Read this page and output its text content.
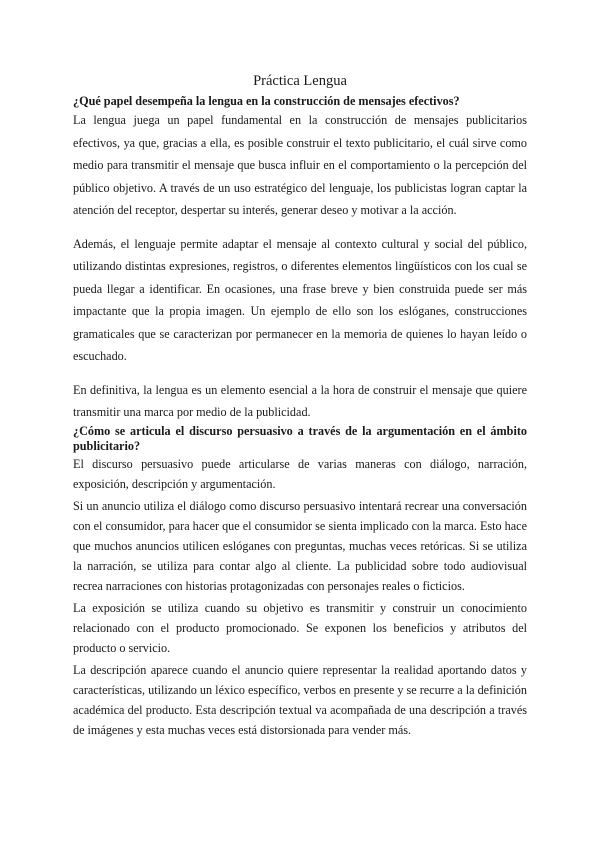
Práctica Lengua
¿Qué papel desempeña la lengua en la construcción de mensajes efectivos?

La lengua juega un papel fundamental en la construcción de mensajes publicitarios efectivos, ya que, gracias a ella, es posible construir el texto publicitario, el cuál sirve como medio para transmitir el mensaje que busca influir en el comportamiento o la percepción del público objetivo. A través de un uso estratégico del lenguaje, los publicistas logran captar la atención del receptor, despertar su interés, generar deseo y motivar a la acción.

Además, el lenguaje permite adaptar el mensaje al contexto cultural y social del público, utilizando distintas expresiones, registros, o diferentes elementos lingüísticos con los cual se pueda llegar a identificar. En ocasiones, una frase breve y bien construida puede ser más impactante que la propia imagen. Un ejemplo de ello son los eslóganes, construcciones gramaticales que se caracterizan por permanecer en la memoria de quienes lo hayan leído o escuchado.

En definitiva, la lengua es un elemento esencial a la hora de construir el mensaje que quiere transmitir una marca por medio de la publicidad.

¿Cómo se articula el discurso persuasivo a través de la argumentación en el ámbito publicitario?

El discurso persuasivo puede articularse de varias maneras con diálogo, narración, exposición, descripción y argumentación.

Si un anuncio utiliza el diálogo como discurso persuasivo intentará recrear una conversación con el consumidor, para hacer que el consumidor se sienta implicado con la marca. Esto hace que muchos anuncios utilicen eslóganes con preguntas, muchas veces retóricas. Si se utiliza la narración, se utiliza para contar algo al cliente. La publicidad sobre todo audiovisual recrea narraciones con historias protagonizadas con personajes reales o ficticios.

La exposición se utiliza cuando su objetivo es transmitir y construir un conocimiento relacionado con el producto promocionado. Se exponen los beneficios y atributos del producto o servicio.

La descripción aparece cuando el anuncio quiere representar la realidad aportando datos y características, utilizando un léxico específico, verbos en presente y se recurre a la definición académica del producto. Esta descripción textual va acompañada de una descripción a través de imágenes y esta muchas veces está distorsionada para vender más.
